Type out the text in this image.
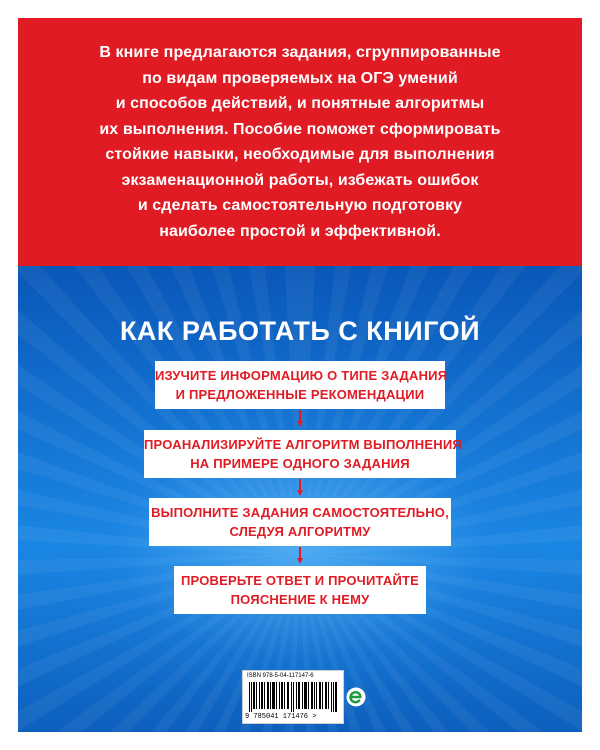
В книге предлагаются задания, сгруппированные
по видам проверяемых на ОГЭ умений
и способов действий, и понятные алгоритмы
их выполнения. Пособие поможет сформировать
стойкие навыки, необходимые для выполнения
экзаменационной работы, избежать ошибок
и сделать самостоятельную подготовку
наиболее простой и эффективной.

КАК РАБОТАТЬ С КНИГОЙ
ИЗУЧИТЕ ИНФОРМАЦИЮ О ТИПЕ ЗАДАНИЯ
И ПРЕДЛОЖЕННЫЕ РЕКОМЕНДАЦИИ
ПРОАНАЛИЗИРУЙТЕ АЛГОРИТМ ВЫПОЛНЕНИЯ
НА ПРИМЕРЕ ОДНОГО ЗАДАНИЯ
ВЫПОЛНИТЕ ЗАДАНИЯ САМОСТОЯТЕЛЬНО,
СЛЕДУЯ АЛГОРИТМУ
ПРОВЕРЬТЕ ОТВЕТ И ПРОЧИТАЙТЕ
ПОЯСНЕНИЕ К НЕМУ
ISBN 978-5-04-117147-6
9 785041 171476 >
